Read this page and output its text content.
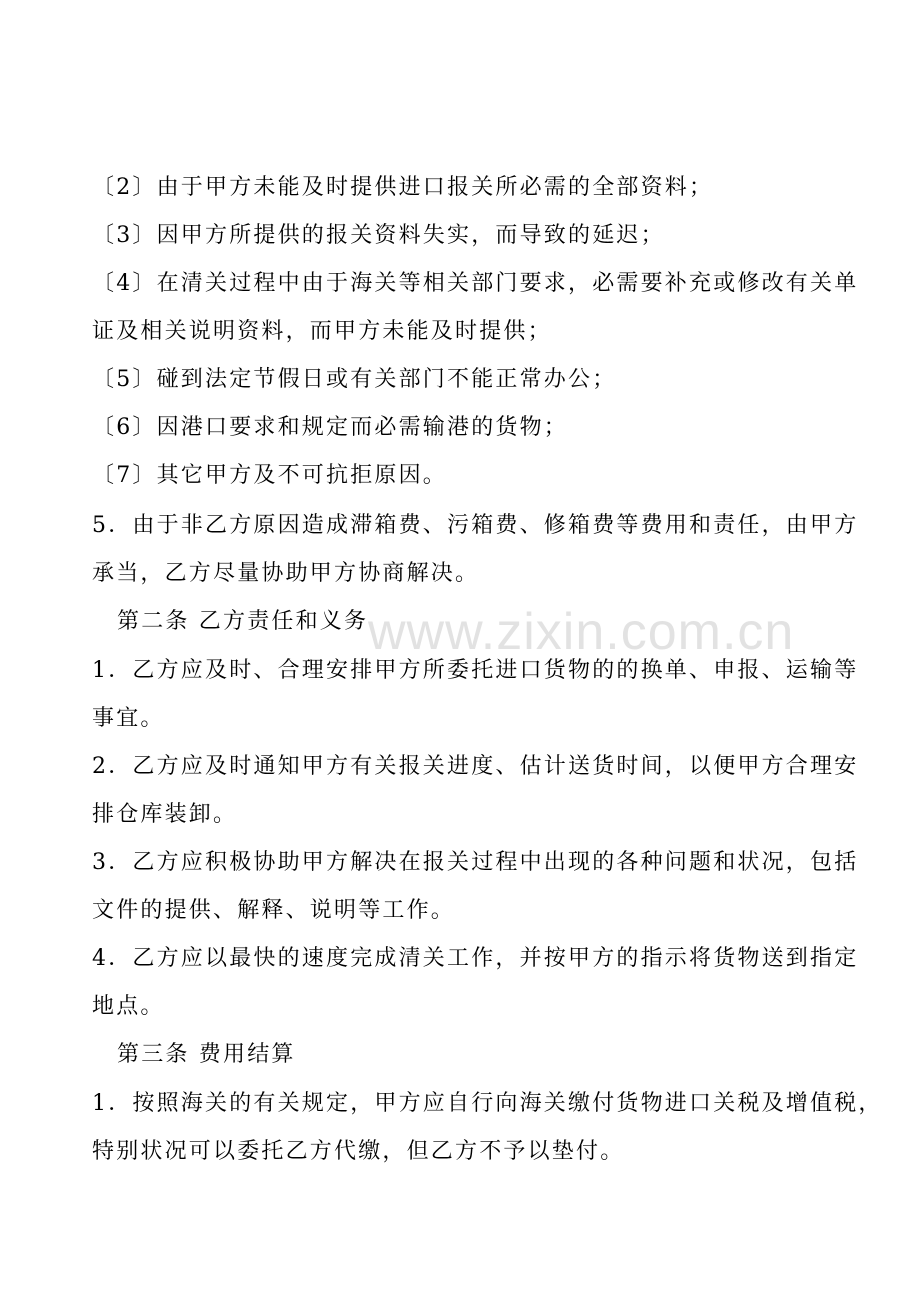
〔2〕由于甲方未能及时提供进口报关所必需的全部资料；
〔3〕因甲方所提供的报关资料失实，而导致的延迟；
〔4〕在清关过程中由于海关等相关部门要求，必需要补充或修改有关单
证及相关说明资料，而甲方未能及时提供；
〔5〕碰到法定节假日或有关部门不能正常办公；
〔6〕因港口要求和规定而必需输港的货物；
〔7〕其它甲方及不可抗拒原因。
5．由于非乙方原因造成滞箱费、污箱费、修箱费等费用和责任，由甲方
承当，乙方尽量协助甲方协商解决。
第二条 乙方责任和义务
1．乙方应及时、合理安排甲方所委托进口货物的的换单、申报、运输等
事宜。
2．乙方应及时通知甲方有关报关进度、估计送货时间，以便甲方合理安
排仓库装卸。
3．乙方应积极协助甲方解决在报关过程中出现的各种问题和状况，包括
文件的提供、解释、说明等工作。
4．乙方应以最快的速度完成清关工作，并按甲方的指示将货物送到指定
地点。
第三条 费用结算
1．按照海关的有关规定，甲方应自行向海关缴付货物进口关税及增值税，
特别状况可以委托乙方代缴，但乙方不予以垫付。
www.zixin.com.cn
